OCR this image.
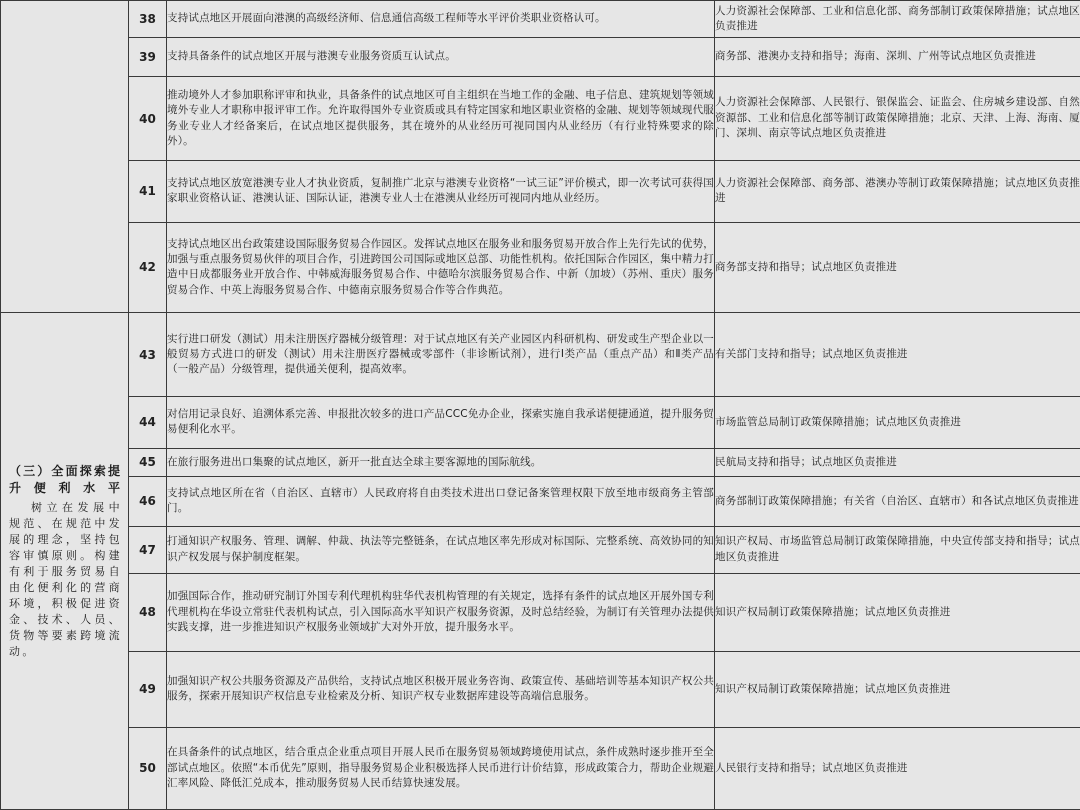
	38	支持试点地区开展面向港澳的高级经济师、信息通信高级工程师等水平评价类职业资格认可。	人力资源社会保障部、工业和信息化部、商务部制订政策保障措施；试点地区负责推进
	39	支持具备条件的试点地区开展与港澳专业服务资质互认试点。	商务部、港澳办支持和指导；海南、深圳、广州等试点地区负责推进
	40	推动境外人才参加职称评审和执业，具备条件的试点地区可自主组织在当地工作的金融、电子信息、建筑规划等领域境外专业人才职称申报评审工作。允许取得国外专业资质或具有特定国家和地区职业资格的金融、规划等领域现代服务业专业人才经备案后，在试点地区提供服务，其在境外的从业经历可视同国内从业经历（有行业特殊要求的除外）。	人力资源社会保障部、人民银行、银保监会、证监会、住房城乡建设部、自然资源部、工业和信息化部等制订政策保障措施；北京、天津、上海、海南、厦门、深圳、南京等试点地区负责推进
	41	支持试点地区放宽港澳专业人才执业资质，复制推广北京与港澳专业资格“一试三证”评价模式，即一次考试可获得国家职业资格认证、港澳认证、国际认证，港澳专业人士在港澳从业经历可视同内地从业经历。	人力资源社会保障部、商务部、港澳办等制订政策保障措施；试点地区负责推进
	42	支持试点地区出台政策建设国际服务贸易合作园区。发挥试点地区在服务业和服务贸易开放合作上先行先试的优势，加强与重点服务贸易伙伴的项目合作，引进跨国公司国际或地区总部、功能性机构。依托国际合作园区，集中精力打造中日成都服务业开放合作、中韩威海服务贸易合作、中德哈尔滨服务贸易合作、中新（加坡）（苏州、重庆）服务贸易合作、中英上海服务贸易合作、中德南京服务贸易合作等合作典范。	商务部支持和指导；试点地区负责推进

（三）全面探索提升便利水平
树立在发展中规范、在规范中发展的理念，坚持包容审慎原则。构建有利于服务贸易自由化便利化的营商环境，积极促进资金、技术、人员、货物等要素跨境流动。	43	实行进口研发（测试）用未注册医疗器械分级管理：对于试点地区有关产业园区内科研机构、研发或生产型企业以一般贸易方式进口的研发（测试）用未注册医疗器械或零部件（非诊断试剂），进行Ⅰ类产品（重点产品）和Ⅱ类产品（一般产品）分级管理，提供通关便利，提高效率。	有关部门支持和指导；试点地区负责推进
	44	对信用记录良好、追溯体系完善、申报批次较多的进口产品CCC免办企业，探索实施自我承诺便捷通道，提升服务贸易便利化水平。	市场监管总局制订政策保障措施；试点地区负责推进
	45	在旅行服务进出口集聚的试点地区，新开一批直达全球主要客源地的国际航线。	民航局支持和指导；试点地区负责推进
	46	支持试点地区所在省（自治区、直辖市）人民政府将自由类技术进出口登记备案管理权限下放至地市级商务主管部门。	商务部制订政策保障措施；有关省（自治区、直辖市）和各试点地区负责推进
	47	打通知识产权服务、管理、调解、仲裁、执法等完整链条，在试点地区率先形成对标国际、完整系统、高效协同的知识产权发展与保护制度框架。	知识产权局、市场监管总局制订政策保障措施，中央宣传部支持和指导；试点地区负责推进
	48	加强国际合作，推动研究制订外国专利代理机构驻华代表机构管理的有关规定，选择有条件的试点地区开展外国专利代理机构在华设立常驻代表机构试点，引入国际高水平知识产权服务资源，及时总结经验，为制订有关管理办法提供实践支撑，进一步推进知识产权服务业领域扩大对外开放，提升服务水平。	知识产权局制订政策保障措施；试点地区负责推进
	49	加强知识产权公共服务资源及产品供给，支持试点地区积极开展业务咨询、政策宣传、基础培训等基本知识产权公共服务，探索开展知识产权信息专业检索及分析、知识产权专业数据库建设等高端信息服务。	知识产权局制订政策保障措施；试点地区负责推进
	50	在具备条件的试点地区，结合重点企业重点项目开展人民币在服务贸易领域跨境使用试点，条件成熟时逐步推开至全部试点地区。依照“本币优先”原则，指导服务贸易企业积极选择人民币进行计价结算，形成政策合力，帮助企业规避汇率风险、降低汇兑成本，推动服务贸易人民币结算快速发展。	人民银行支持和指导；试点地区负责推进
